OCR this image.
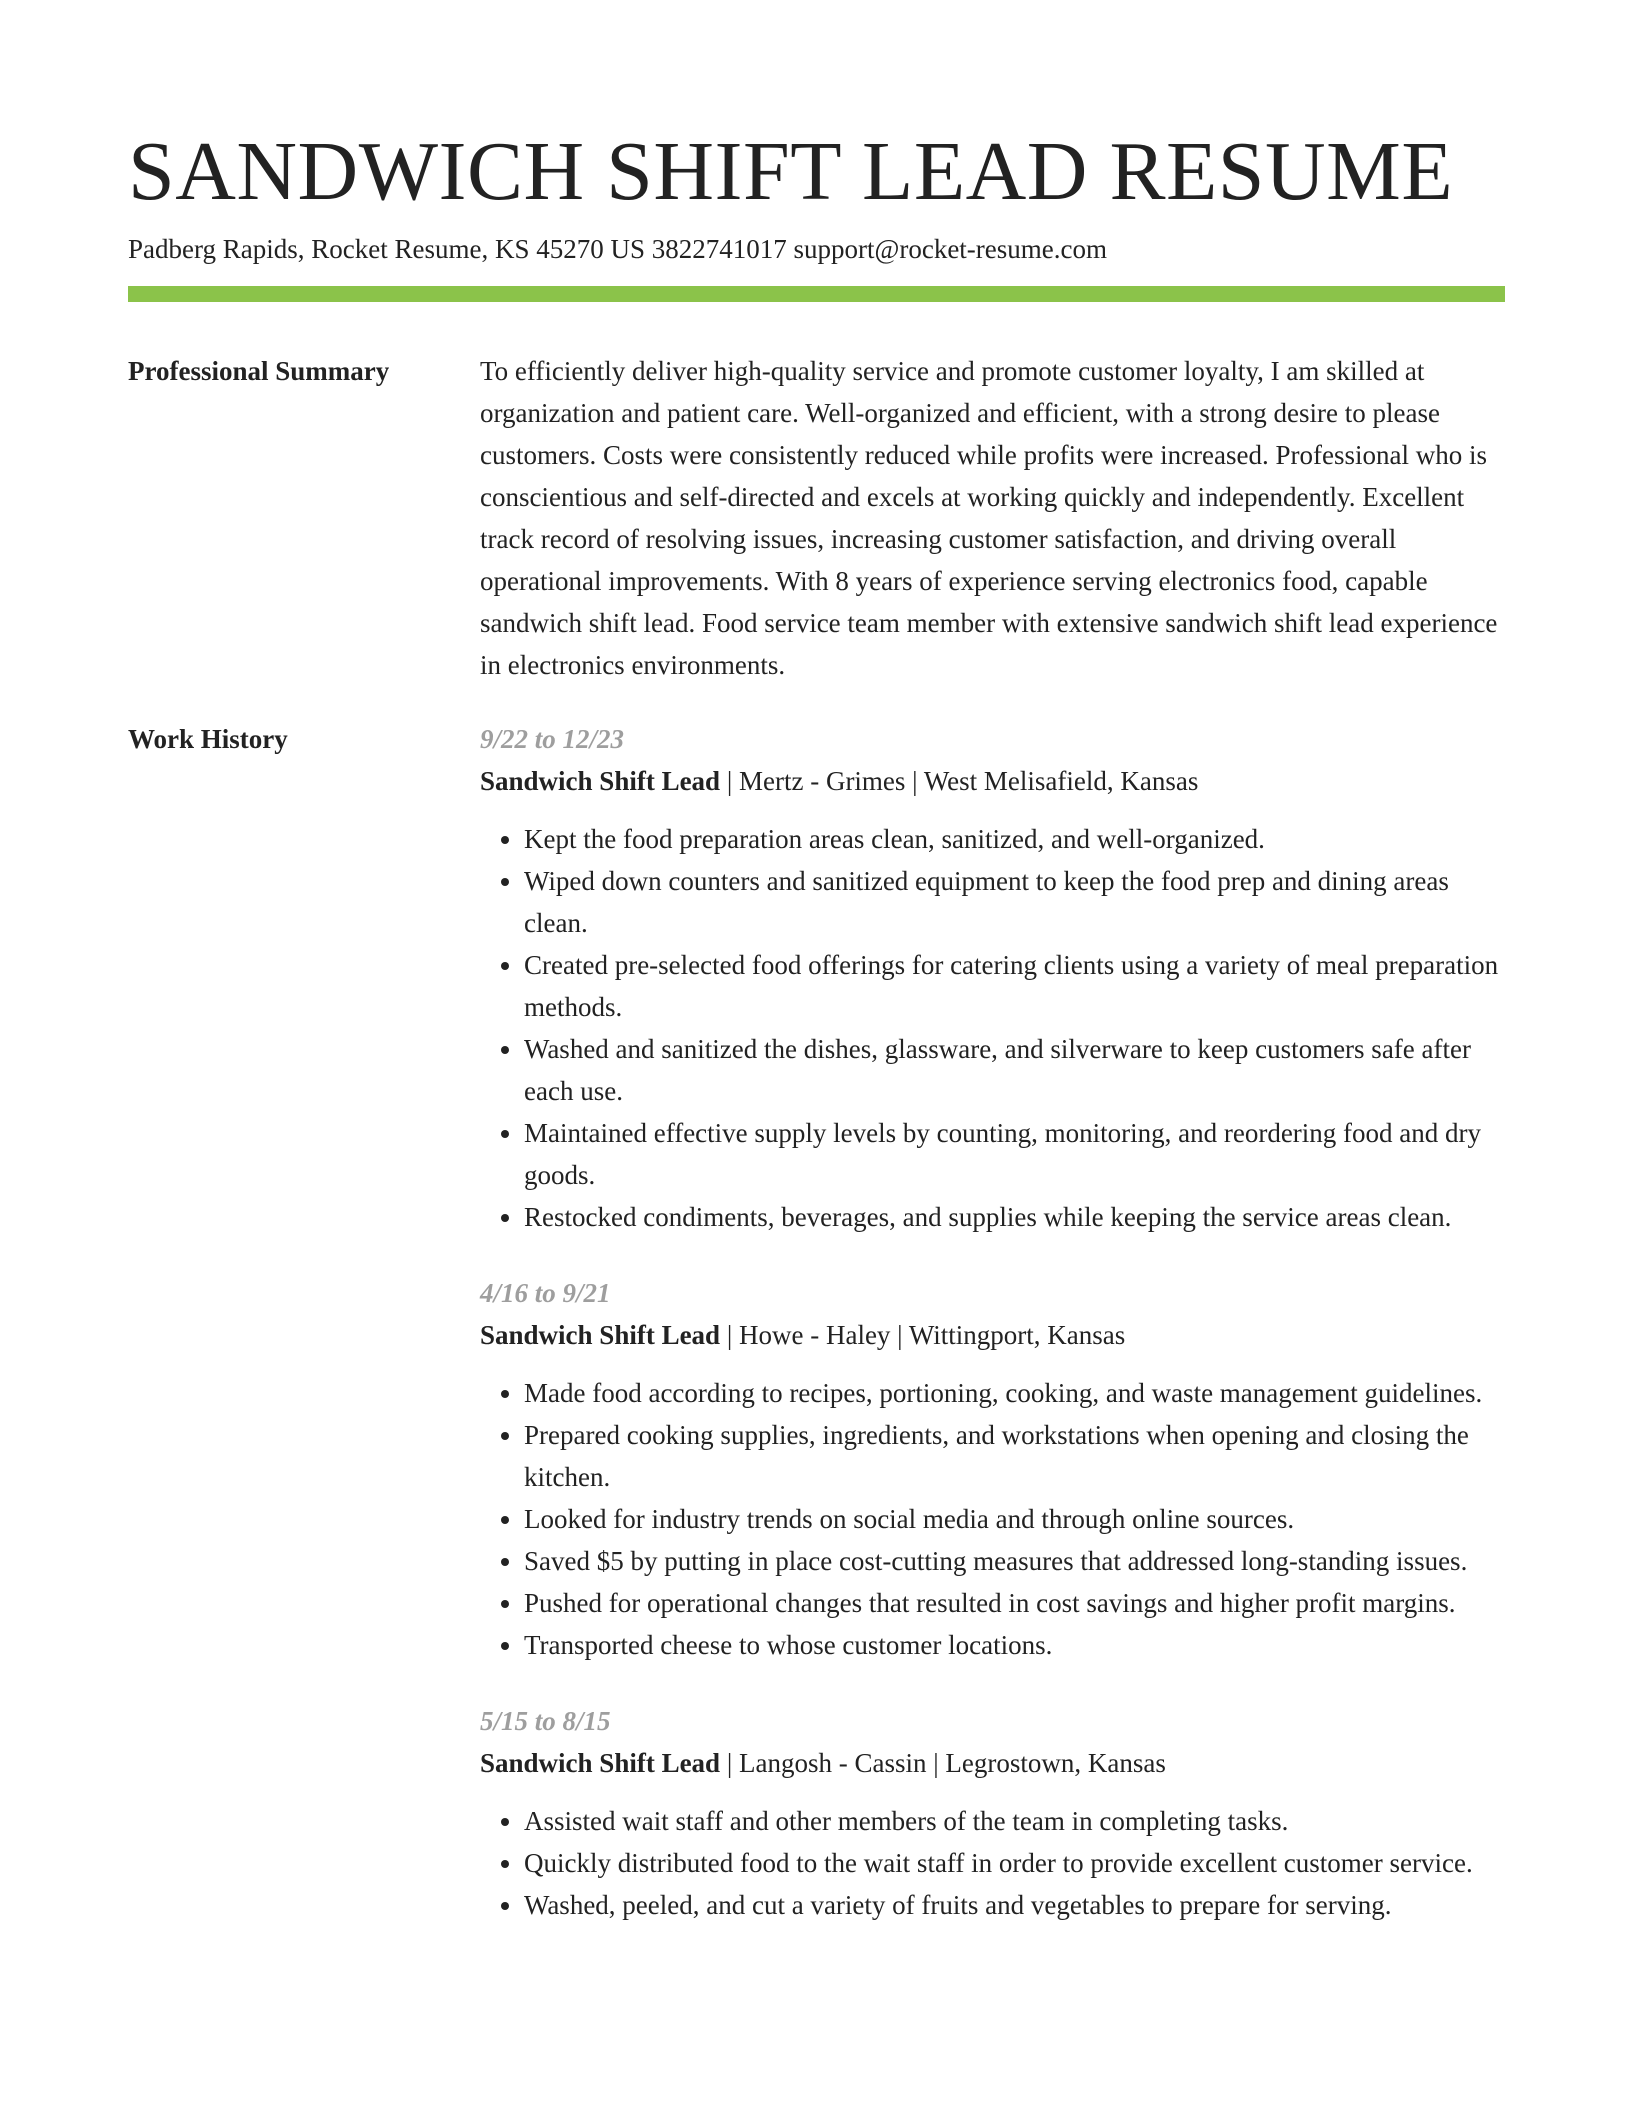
SANDWICH SHIFT LEAD RESUME
Padberg Rapids, Rocket Resume, KS 45270 US 3822741017 support@rocket-resume.com
Professional Summary	To efficiently deliver high-quality service and promote customer loyalty, I am skilled at organization and patient care. Well-organized and efficient, with a strong desire to please customers. Costs were consistently reduced while profits were increased. Professional who is conscientious and self-directed and excels at working quickly and independently. Excellent track record of resolving issues, increasing customer satisfaction, and driving overall operational improvements. With 8 years of experience serving electronics food, capable sandwich shift lead. Food service team member with extensive sandwich shift lead experience in electronics environments.

Work History	9/22 to 12/23
Sandwich Shift Lead | Mertz - Grimes | West Melisafield, Kansas
• Kept the food preparation areas clean, sanitized, and well-organized.
• Wiped down counters and sanitized equipment to keep the food prep and dining areas clean.
• Created pre-selected food offerings for catering clients using a variety of meal preparation methods.
• Washed and sanitized the dishes, glassware, and silverware to keep customers safe after each use.
• Maintained effective supply levels by counting, monitoring, and reordering food and dry goods.
• Restocked condiments, beverages, and supplies while keeping the service areas clean.
4/16 to 9/21
Sandwich Shift Lead | Howe - Haley | Wittingport, Kansas
• Made food according to recipes, portioning, cooking, and waste management guidelines.
• Prepared cooking supplies, ingredients, and workstations when opening and closing the kitchen.
• Looked for industry trends on social media and through online sources.
• Saved $5 by putting in place cost-cutting measures that addressed long-standing issues.
• Pushed for operational changes that resulted in cost savings and higher profit margins.
• Transported cheese to whose customer locations.
5/15 to 8/15
Sandwich Shift Lead | Langosh - Cassin | Legrostown, Kansas
• Assisted wait staff and other members of the team in completing tasks.
• Quickly distributed food to the wait staff in order to provide excellent customer service.
• Washed, peeled, and cut a variety of fruits and vegetables to prepare for serving.
